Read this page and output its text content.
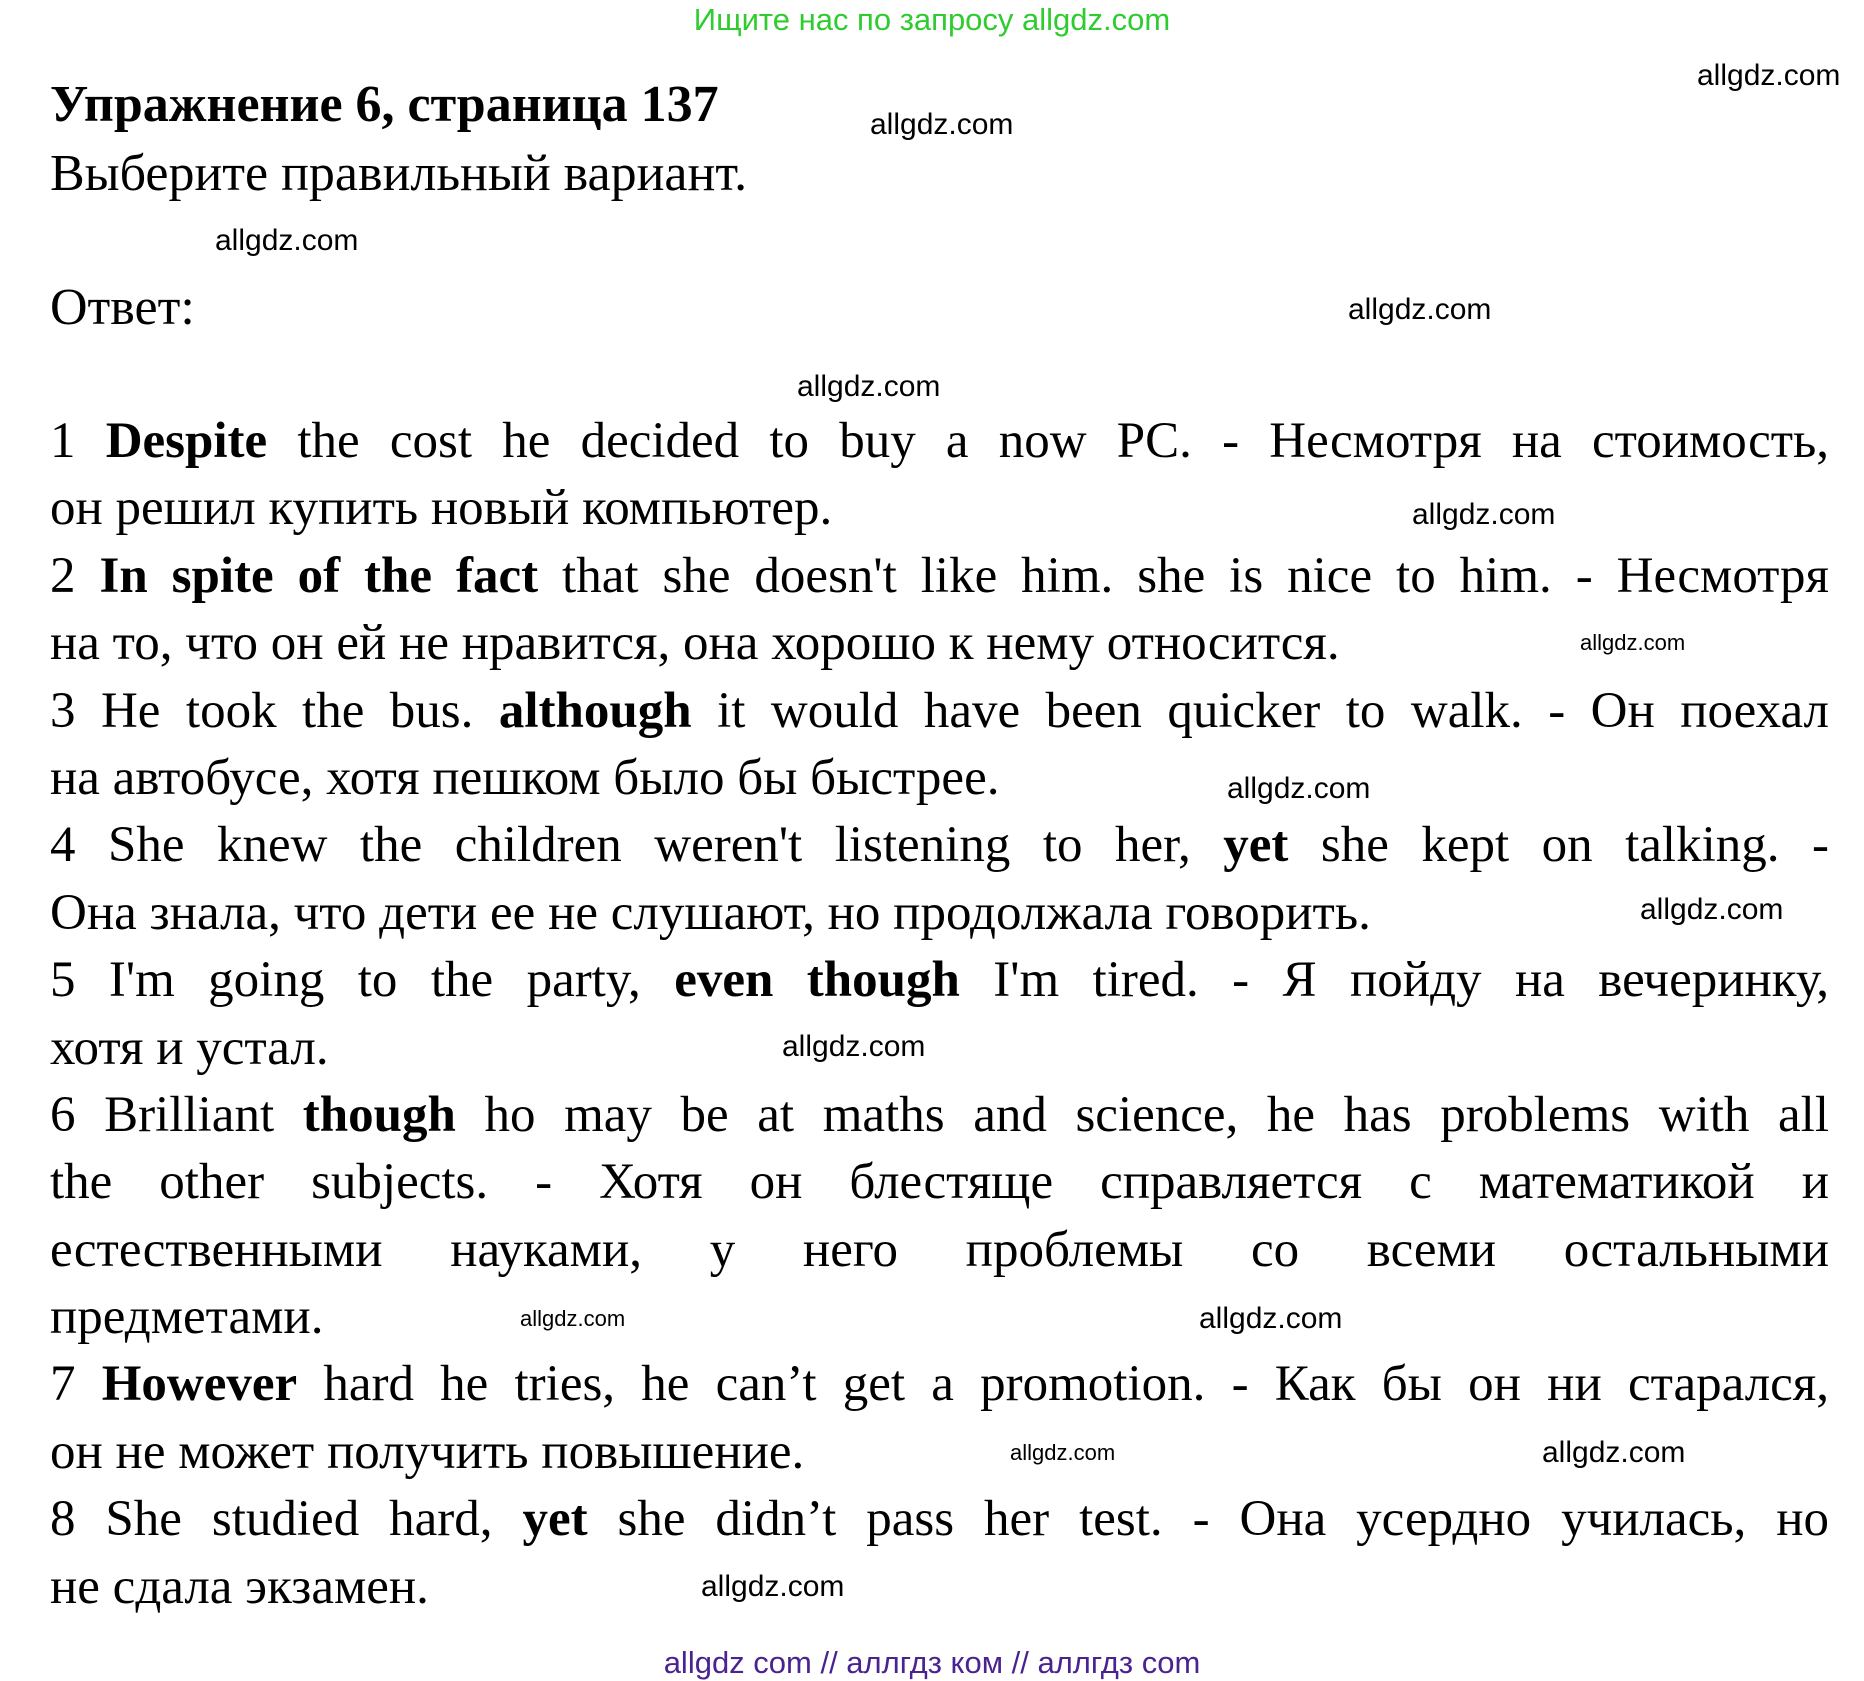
Ищите нас по запросу allgdz.com
Упражнение 6, страница 137
Выберите правильный вариант.
Ответ:
1 Despite the cost he decided to buy a now PC. - Несмотря на стоимость,
он решил купить новый компьютер.
2 In spite of the fact that she doesn't like him. she is nice to him. - Несмотря
на то, что он ей не нравится, она хорошо к нему относится.
3 He took the bus. although it would have been quicker to walk. - Он поехал
на автобусе, хотя пешком было бы быстрее.
4 She knew the children weren't listening to her, yet she kept on talking. -
Она знала, что дети ее не слушают, но продолжала говорить.
5 I'm going to the party, even though I'm tired. - Я пойду на вечеринку,
хотя и устал.
6 Brilliant though ho may be at maths and science, he has problems with all
the other subjects. - Хотя он блестяще справляется с математикой и
естественными науками, у него проблемы со всеми остальными
предметами.
7 However hard he tries, he can’t get a promotion. - Как бы он ни старался,
он не может получить повышение.
8 She studied hard, yet she didn’t pass her test. - Она усердно училась, но
не сдала экзамен.
allgdz.com
allgdz.com
allgdz.com
allgdz.com
allgdz.com
allgdz.com
allgdz.com
allgdz.com
allgdz.com
allgdz.com
allgdz.com	allgdz.com
allgdz.com	allgdz.com
allgdz.com
allgdz com // аллгдз ком // аллгдз com
